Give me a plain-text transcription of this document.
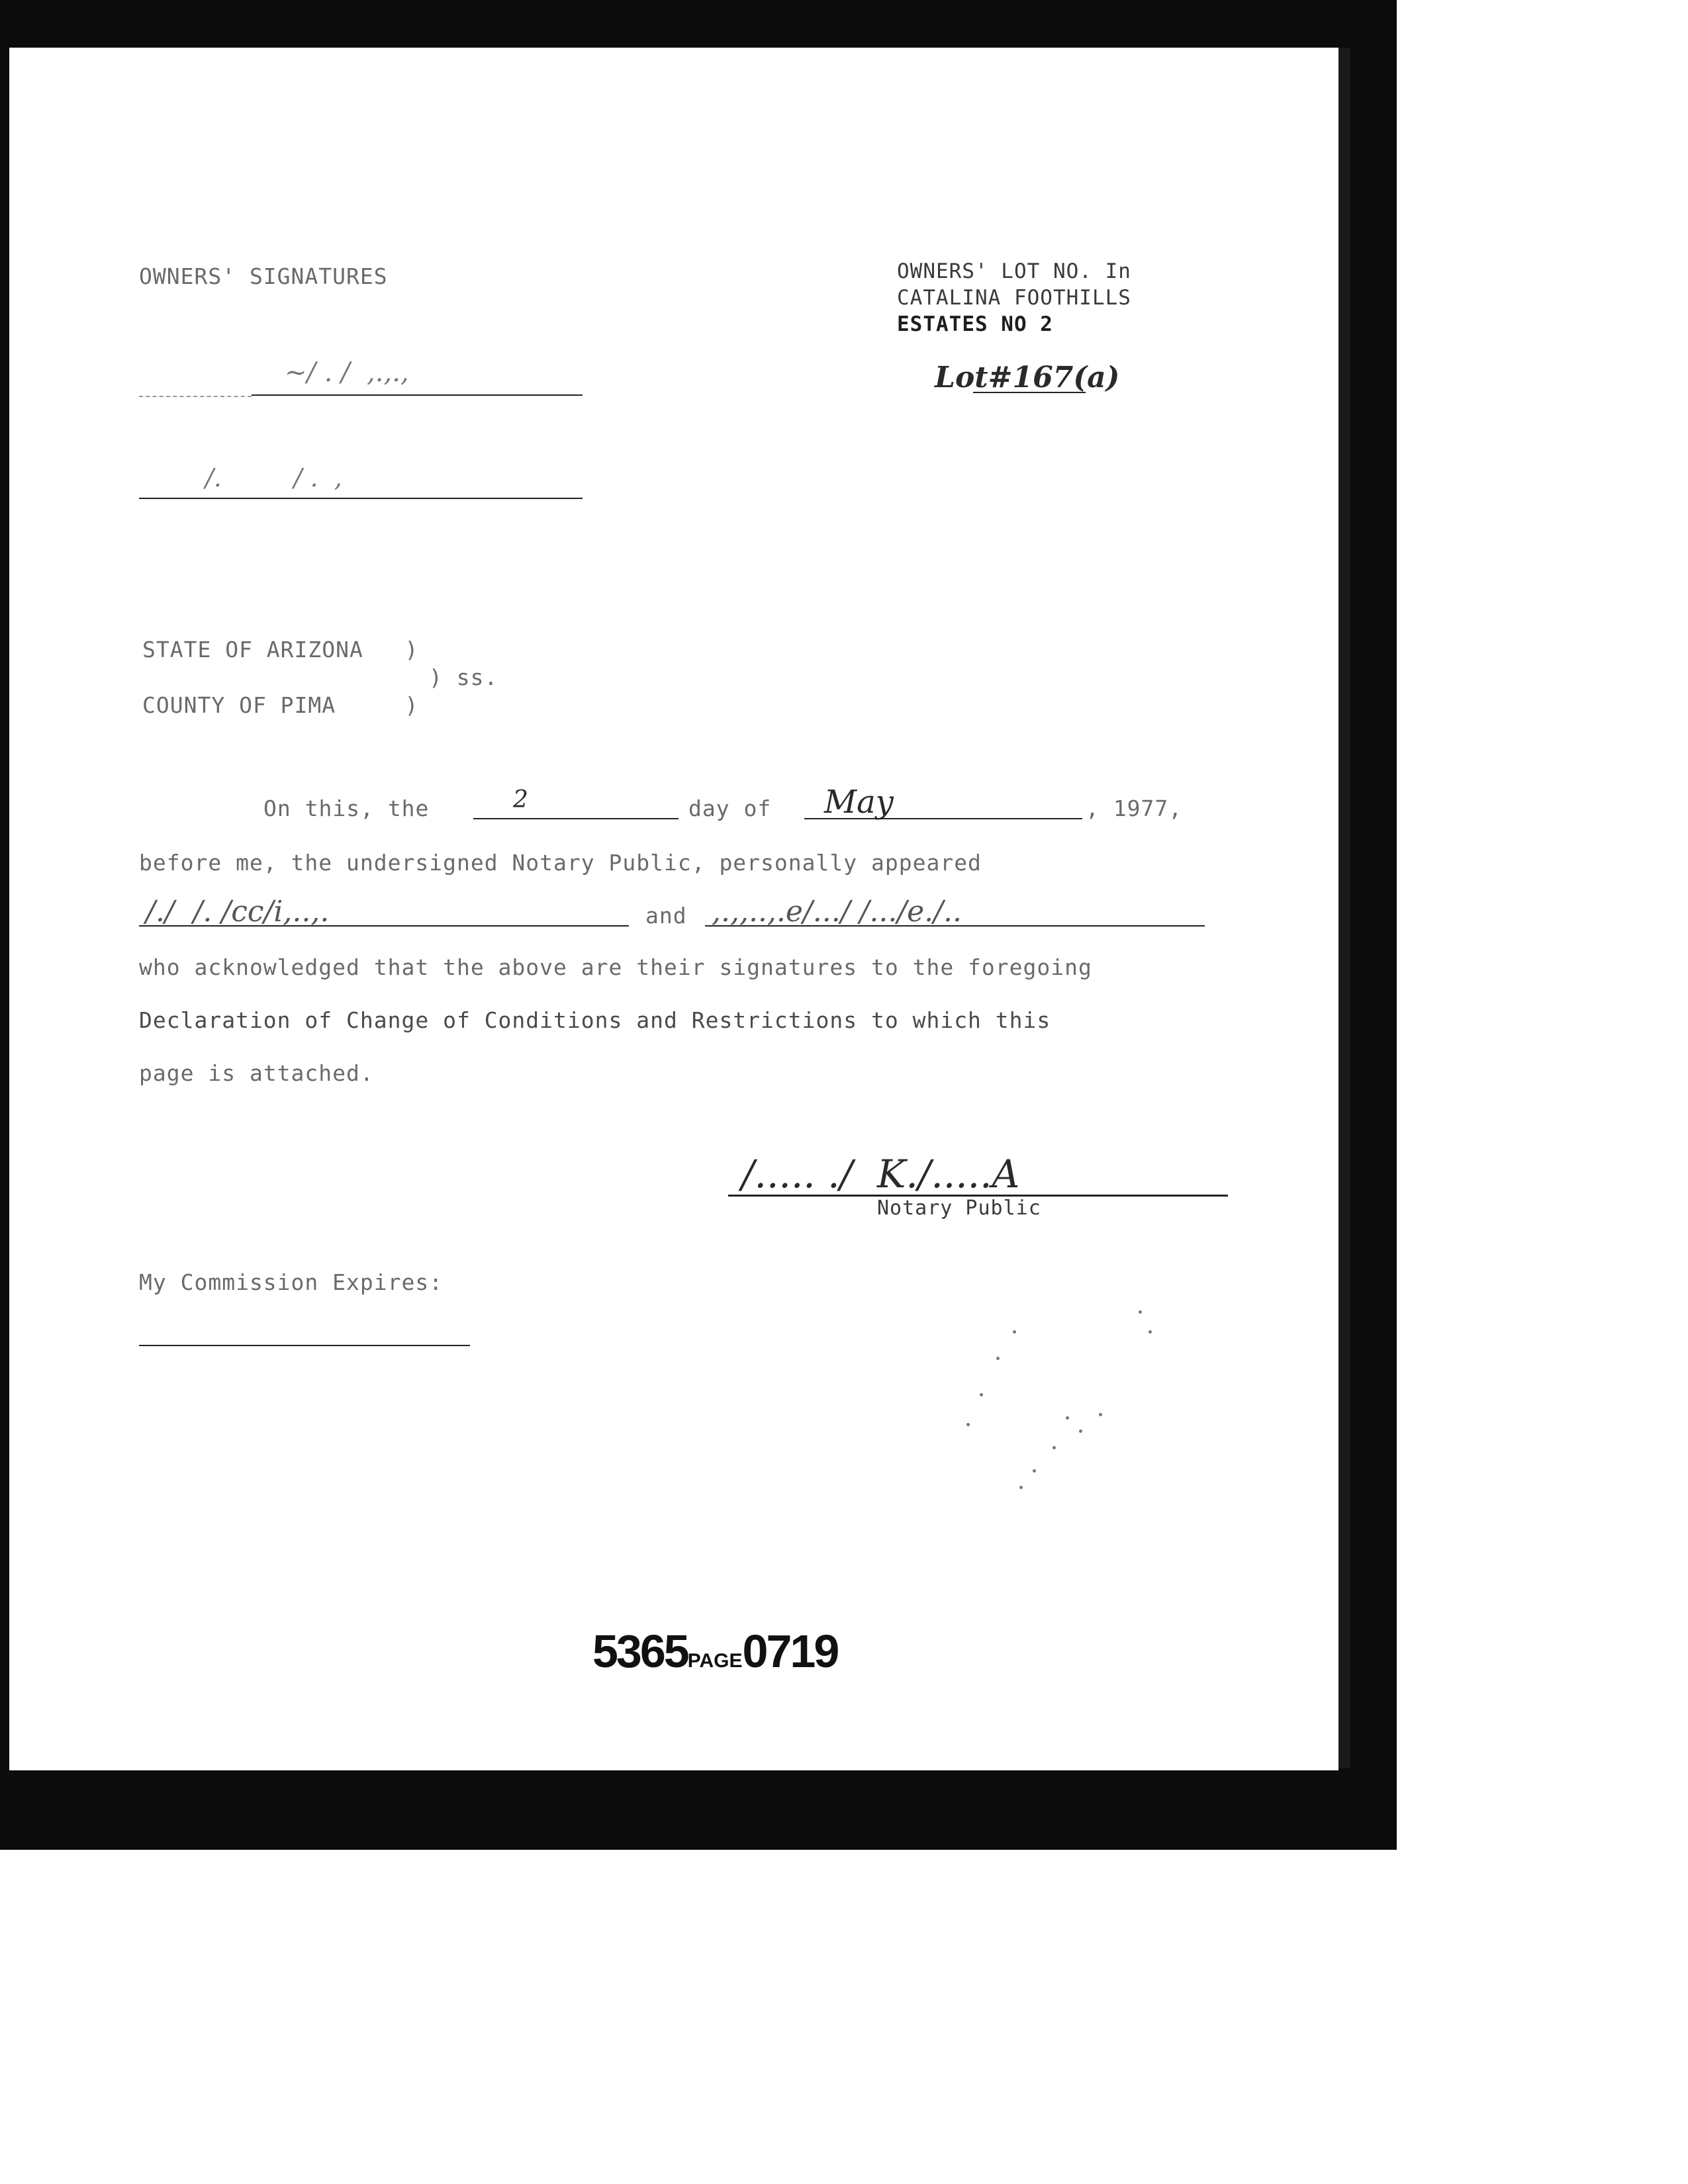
OWNERS' SIGNATURES	OWNERS' LOT NO. In
CATALINA FOOTHILLS
ESTATES NO 2
Lot#167(a)
~/ . /  ,.,.,
/.         / .  ,
STATE OF ARIZONA   )
) ss.
COUNTY OF PIMA     )
On this, the	2	day of May	, 1977,
before me, the undersigned Notary Public, personally appeared
/./  /. /cc/i,..,.	and ,.,,..,.e/.../ /.../e./..
who acknowledged that the above are their signatures to the foregoing
Declaration of Change of Conditions and Restrictions to which this
page is attached.
/..... ./  K./.....A
Notary Public
My Commission Expires:
5365PAGE0719
